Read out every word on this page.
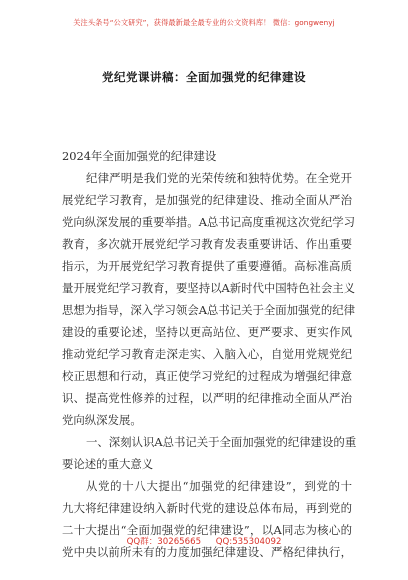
关注头条号“公文研究”，获得最新最全最专业的公文资料库！ 微信：gongwenyj
党纪党课讲稿：全面加强党的纪律建设
2024年全面加强党的纪律建设
纪律严明是我们党的光荣传统和独特优势。在全党开
展党纪学习教育，是加强党的纪律建设、推动全面从严治
党向纵深发展的重要举措。A总书记高度重视这次党纪学习
教育，多次就开展党纪学习教育发表重要讲话、作出重要
指示，为开展党纪学习教育提供了重要遵循。高标准高质
量开展党纪学习教育，要坚持以A新时代中国特色社会主义
思想为指导，深入学习领会A总书记关于全面加强党的纪律
建设的重要论述，坚持以更高站位、更严要求、更实作风
推动党纪学习教育走深走实、入脑入心，自觉用党规党纪
校正思想和行动，真正使学习党纪的过程成为增强纪律意
识、提高党性修养的过程，以严明的纪律推动全面从严治
党向纵深发展。
一、深刻认识A总书记关于全面加强党的纪律建设的重
要论述的重大意义
从党的十八大提出“加强党的纪律建设”，到党的十
九大将纪律建设纳入新时代党的建设总体布局，再到党的
二十大提出“全面加强党的纪律建设”，以A同志为核心的
党中央以前所未有的力度加强纪律建设、严格纪律执行，
QQ群：30265665 QQ:535304092
